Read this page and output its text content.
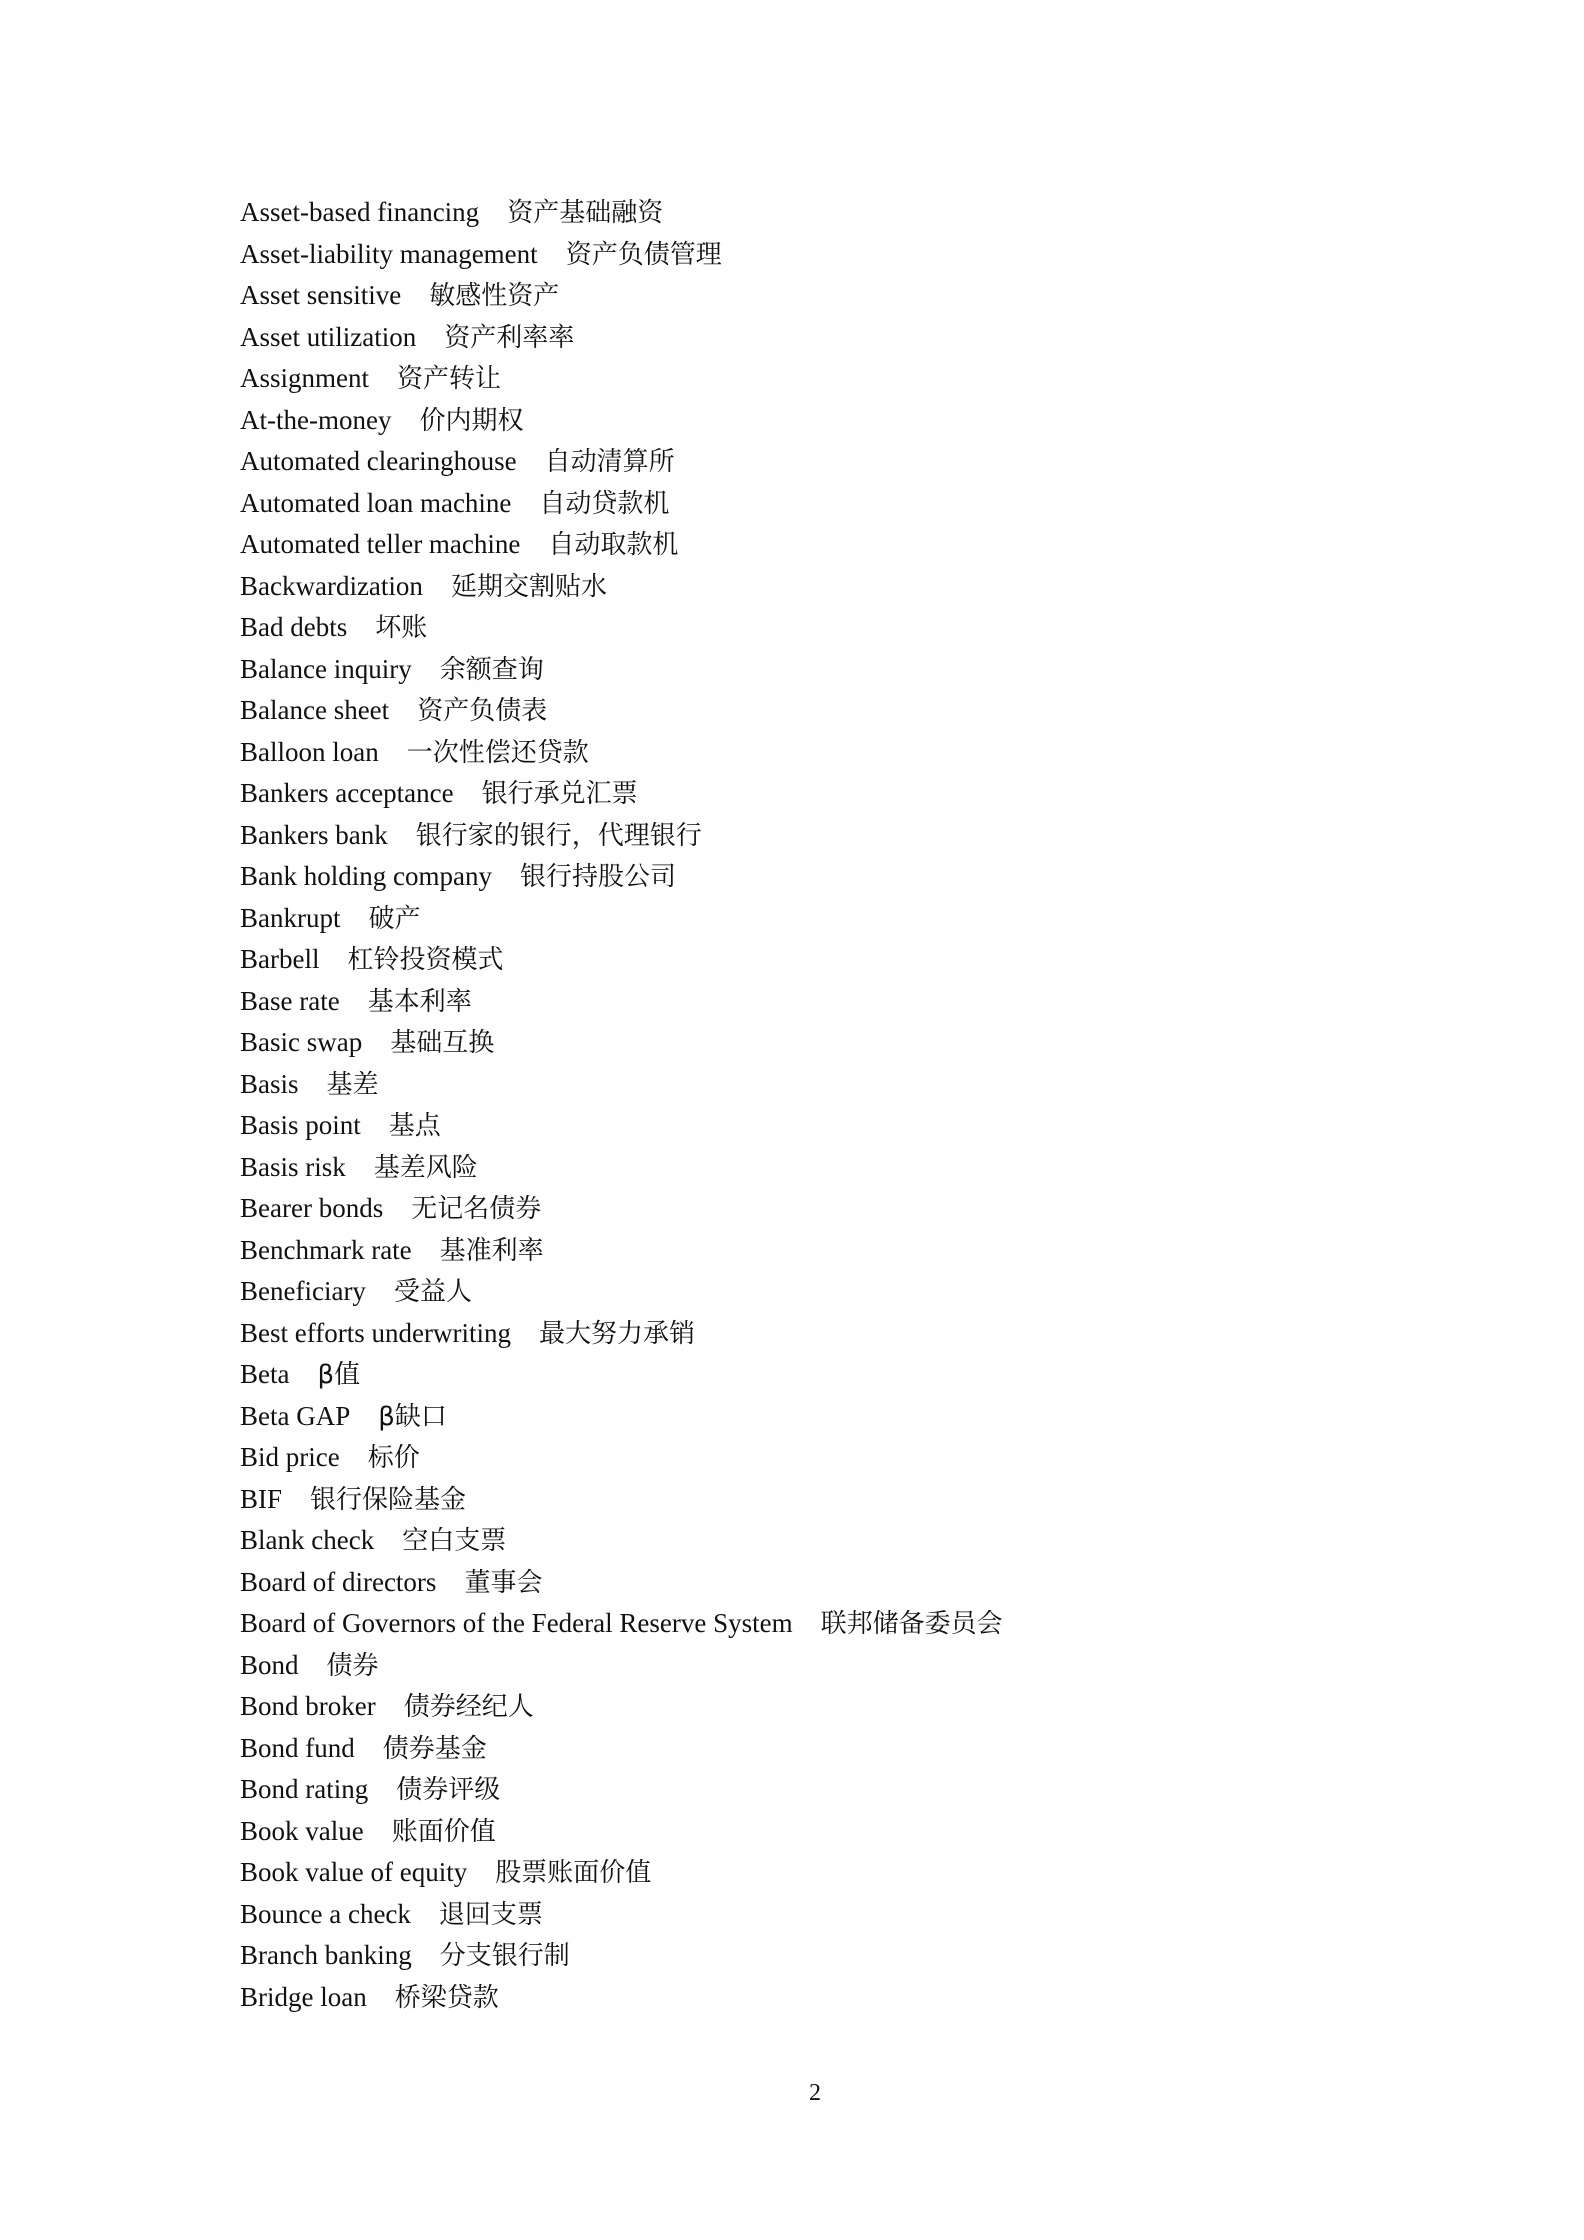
Asset-based financing 资产基础融资
Asset-liability management 资产负债管理
Asset sensitive 敏感性资产
Asset utilization 资产利率率
Assignment 资产转让
At-the-money 价内期权
Automated clearinghouse 自动清算所
Automated loan machine 自动贷款机
Automated teller machine 自动取款机
Backwardization 延期交割贴水
Bad debts 坏账
Balance inquiry 余额查询
Balance sheet 资产负债表
Balloon loan 一次性偿还贷款
Bankers acceptance 银行承兑汇票
Bankers bank 银行家的银行，代理银行
Bank holding company 银行持股公司
Bankrupt 破产
Barbell 杠铃投资模式
Base rate 基本利率
Basic swap 基础互换
Basis 基差
Basis point 基点
Basis risk 基差风险
Bearer bonds 无记名债券
Benchmark rate 基准利率
Beneficiary 受益人
Best efforts underwriting 最大努力承销
Beta β值
Beta GAP β缺口
Bid price 标价
BIF 银行保险基金
Blank check 空白支票
Board of directors 董事会
Board of Governors of the Federal Reserve System 联邦储备委员会
Bond 债券
Bond broker 债券经纪人
Bond fund 债券基金
Bond rating 债券评级
Book value 账面价值
Book value of equity 股票账面价值
Bounce a check 退回支票
Branch banking 分支银行制
Bridge loan 桥梁贷款
2
